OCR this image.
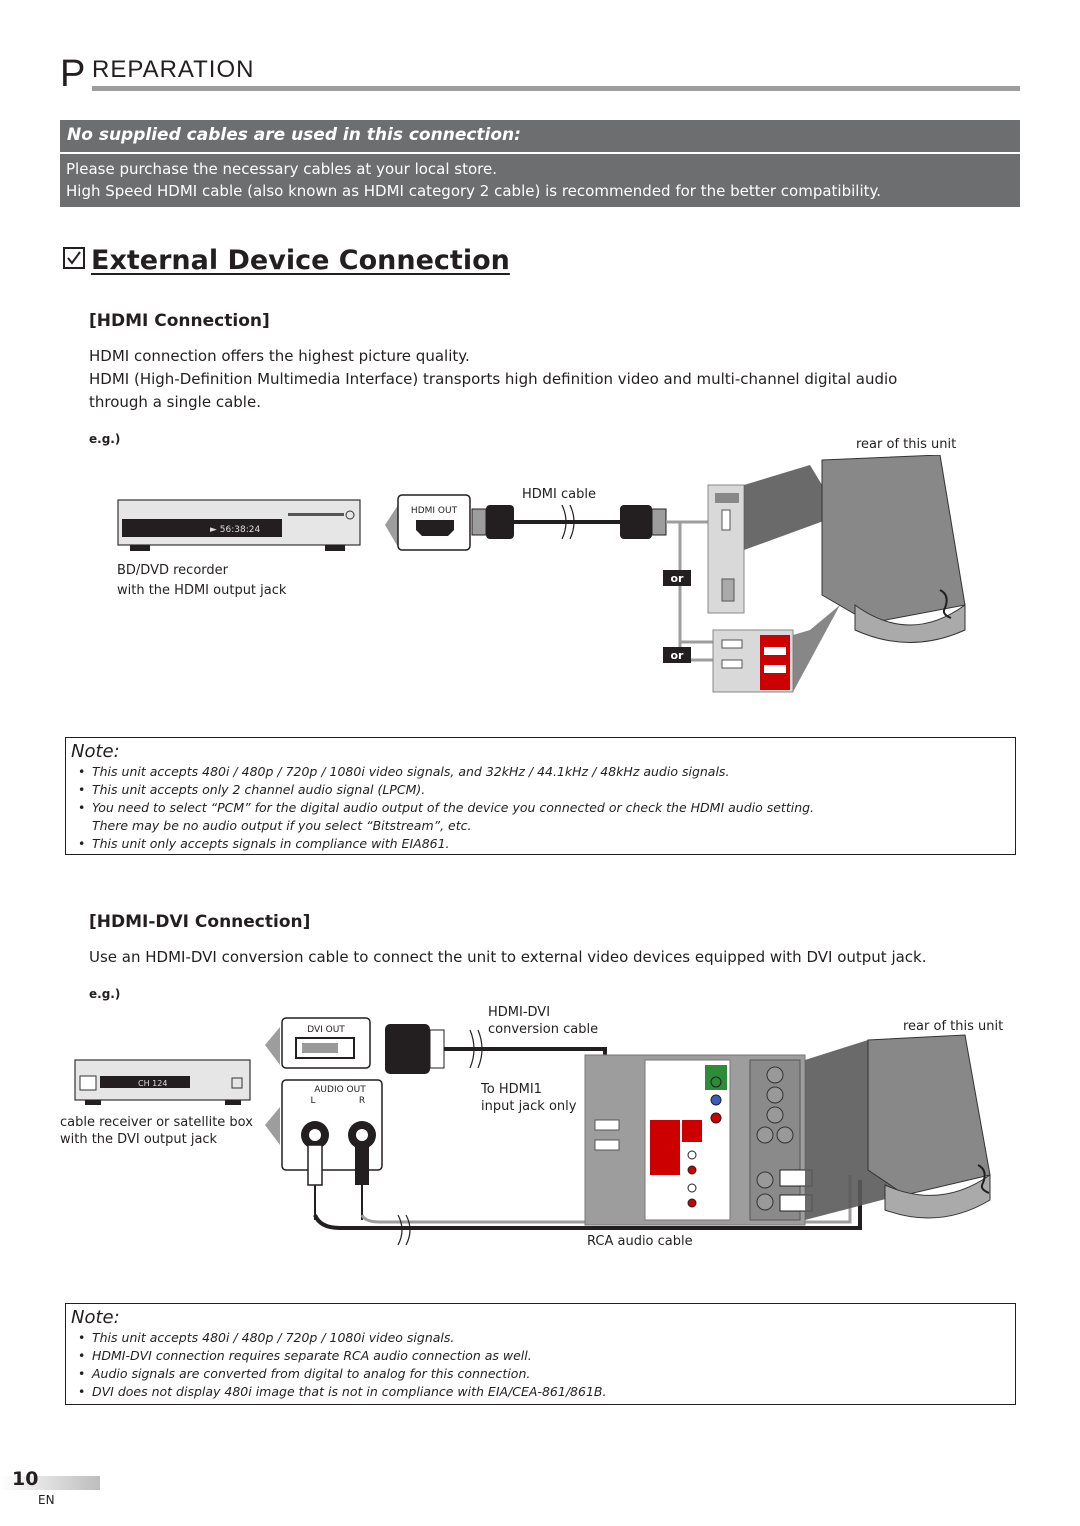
P REPARATION
No supplied cables are used in this connection:
Please purchase the necessary cables at your local store.
High Speed HDMI cable (also known as HDMI category 2 cable) is recommended for the better compatibility.
External Device Connection
[HDMI Connection]
HDMI connection offers the highest picture quality.
HDMI (High-Definition Multimedia Interface) transports high definition video and multi-channel digital audio
through a single cable.
e.g.)	rear of this unit
HDMI cable
BD/DVD recorder
with the HDMI output jack
► 56:38:24
HDMI OUT
or
or
Note:
• This unit accepts 480i / 480p / 720p / 1080i video signals, and 32kHz / 44.1kHz / 48kHz audio signals.
• This unit accepts only 2 channel audio signal (LPCM).
• You need to select “PCM” for the digital audio output of the device you connected or check the HDMI audio setting.
There may be no audio output if you select “Bitstream”, etc.
• This unit only accepts signals in compliance with EIA861.
[HDMI-DVI Connection]
Use an HDMI-DVI conversion cable to connect the unit to external video devices equipped with DVI output jack.
e.g.)
HDMI-DVI
conversion cable	rear of this unit
To HDMI1
input jack only
cable receiver or satellite box
with the DVI output jack
RCA audio cable
CH 124
DVI OUT
AUDIO OUT
L	R
Note:
• This unit accepts 480i / 480p / 720p / 1080i video signals.
• HDMI-DVI connection requires separate RCA audio connection as well.
• Audio signals are converted from digital to analog for this connection.
• DVI does not display 480i image that is not in compliance with EIA/CEA-861/861B.
10
EN
